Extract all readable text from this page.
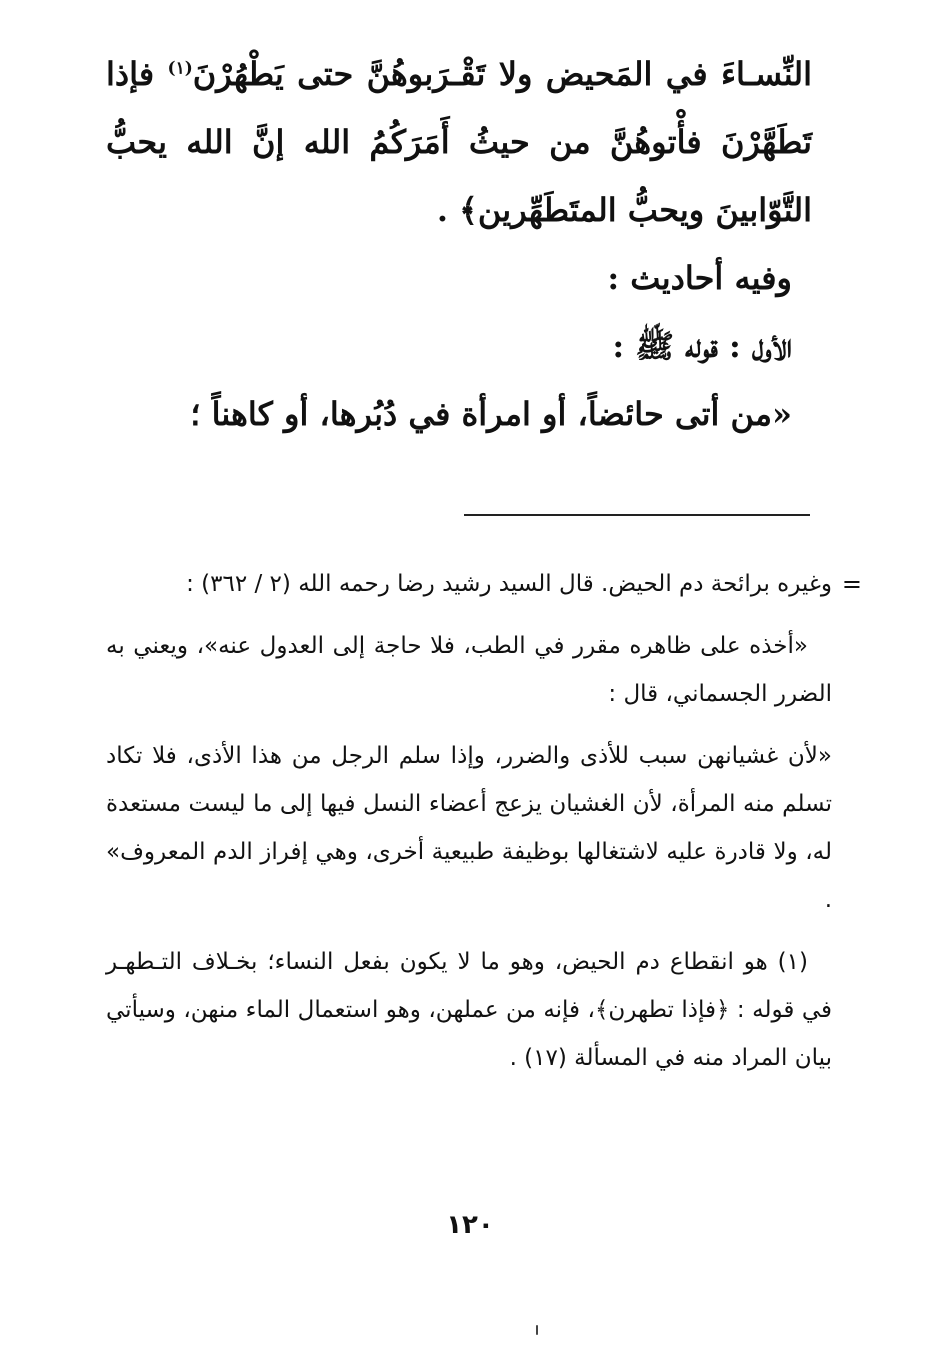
النِّسـاءَ في المَحيض ولا تَقْـرَبوهُنَّ حتى يَطْهُرْنَ$^{(١)}$ فإذا تَطَهَّرْنَ فأْتوهُنَّ من حيثُ أَمَرَكُمُ الله إنَّ الله يحبُّ التَّوّابينَ ويحبُّ المتَطَهِّرين﴾ .

وفيه أحاديث :

الأول : قوله ﷺ :

«من أتى حائضاً، أو امرأة في دُبُرها، أو كاهناً ؛

=
وغيره برائحة دم الحيض. قال السيد رشيد رضا رحمه الله (٢ / ٣٦٢) :

«أخذه على ظاهره مقرر في الطب، فلا حاجة إلى العدول عنه»، ويعني به الضرر الجسماني، قال :

«لأن غشيانهن سبب للأذى والضرر، وإذا سلم الرجل من هذا الأذى، فلا تكاد تسلم منه المرأة، لأن الغشيان يزعج أعضاء النسل فيها إلى ما ليست مستعدة له، ولا قادرة عليه لاشتغالها بوظيفة طبيعية أخرى، وهي إفراز الدم المعروف» .

(١) هو انقطاع دم الحيض، وهو ما لا يكون بفعل النساء؛ بخـلاف التـطهـر في قوله : ﴿فإذا تطهرن﴾، فإنه من عملهن، وهو استعمال الماء منهن، وسيأتي بيان المراد منه في المسألة (١٧) .

١٢٠
